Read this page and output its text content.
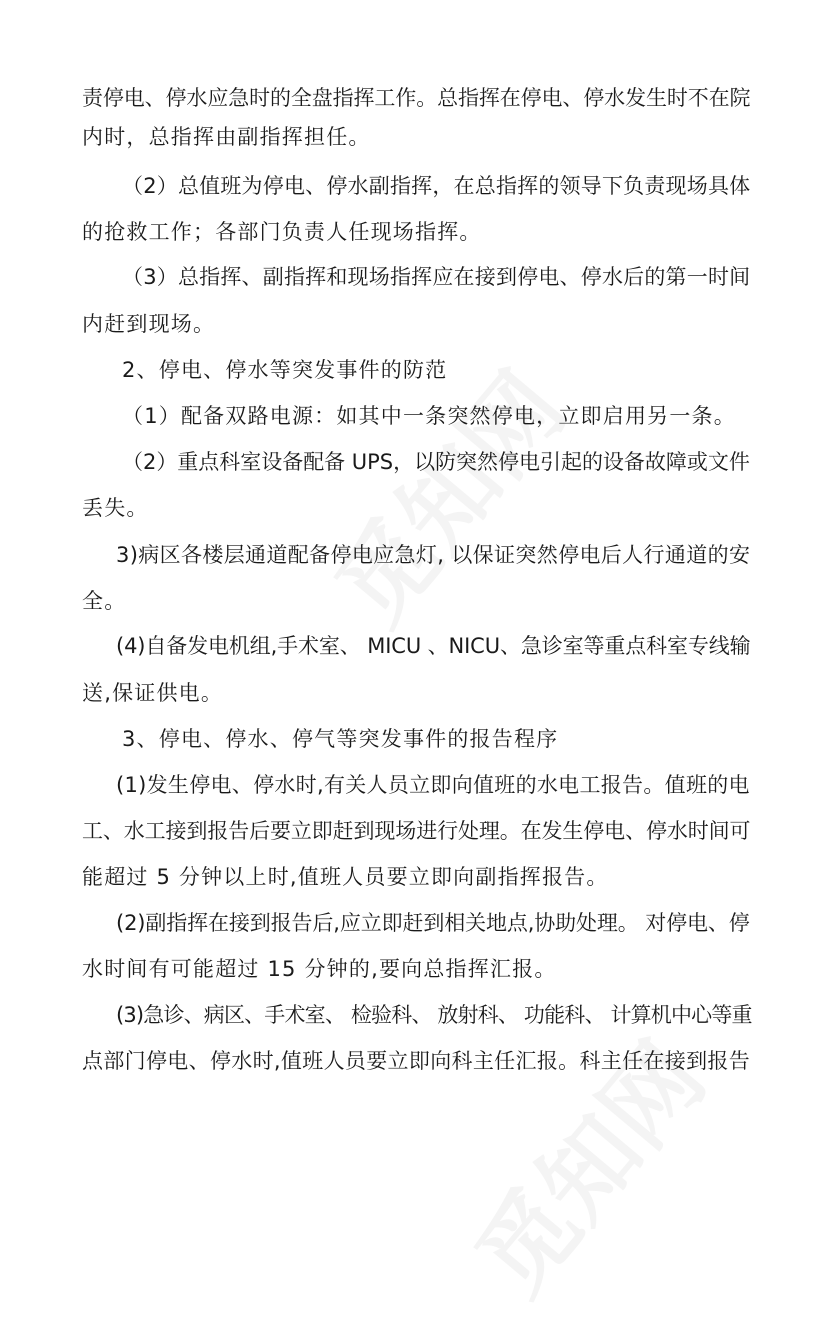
责停电、停水应急时的全盘指挥工作。总指挥在停电、停水发生时不在院
内时，总指挥由副指挥担任。
（2）总值班为停电、停水副指挥，在总指挥的领导下负责现场具体
的抢救工作；各部门负责人任现场指挥。
（3）总指挥、副指挥和现场指挥应在接到停电、停水后的第一时间
内赶到现场。
2、停电、停水等突发事件的防范
（1）配备双路电源：如其中一条突然停电，立即启用另一条。
（2）重点科室设备配备 UPS，以防突然停电引起的设备故障或文件
丢失。
3)病区各楼层通道配备停电应急灯, 以保证突然停电后人行通道的安
全。
(4)自备发电机组,手术室、 MICU 、NICU、急诊室等重点科室专线输
送,保证供电。
3、停电、停水、停气等突发事件的报告程序
(1)发生停电、停水时,有关人员立即向值班的水电工报告。值班的电
工、水工接到报告后要立即赶到现场进行处理。在发生停电、停水时间可
能超过 5 分钟以上时,值班人员要立即向副指挥报告。
(2)副指挥在接到报告后,应立即赶到相关地点,协助处理。 对停电、停
水时间有可能超过 15 分钟的,要向总指挥汇报。
(3)急诊、病区、手术室、 检验科、 放射科、 功能科、 计算机中心等重
点部门停电、停水时,值班人员要立即向科主任汇报。科主任在接到报告
